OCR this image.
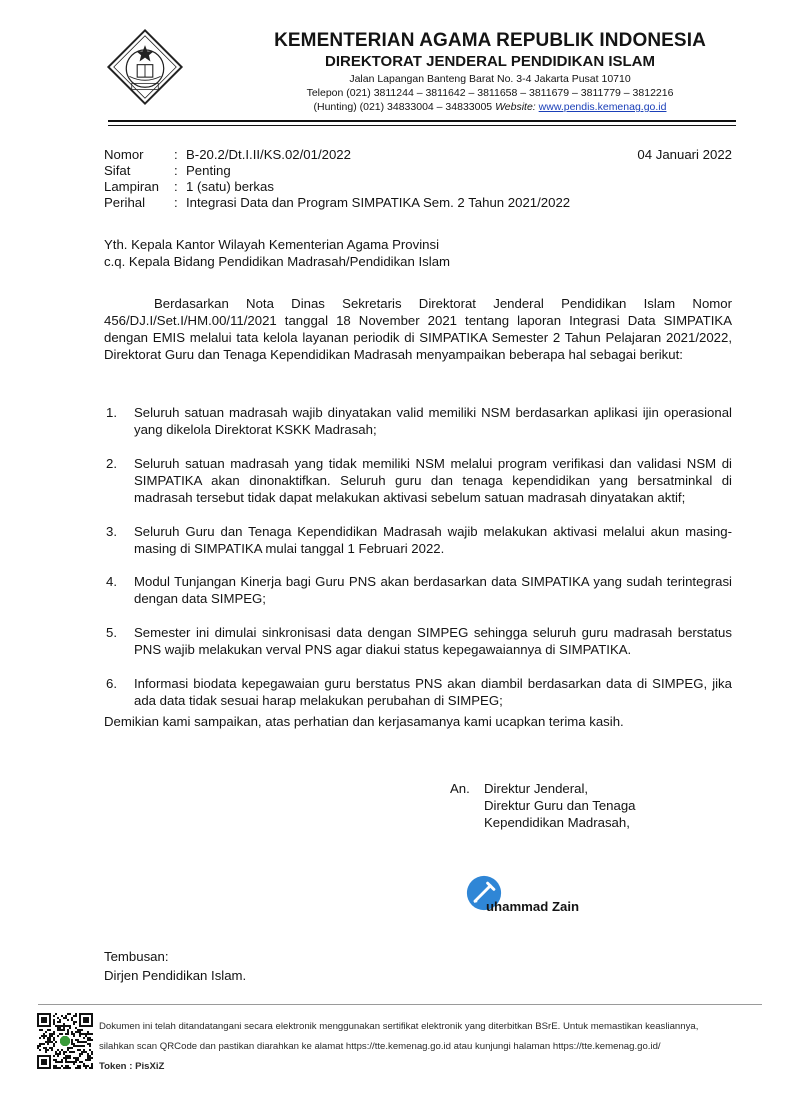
KEMENTERIAN AGAMA REPUBLIK INDONESIA
DIREKTORAT JENDERAL PENDIDIKAN ISLAM
Jalan Lapangan Banteng Barat No. 3-4 Jakarta Pusat 10710
Telepon (021) 3811244 – 3811642 – 3811658 – 3811679 – 3811779 – 3812216
(Hunting) (021) 34833004 – 34833005 Website: www.pendis.kemenag.go.id
Nomor : B-20.2/Dt.I.II/KS.02/01/2022
Sifat	: Penting
Lampiran : 1 (satu) berkas
Perihal : Integrasi Data dan Program SIMPATIKA Sem. 2 Tahun 2021/2022
04 Januari 2022
Yth. Kepala Kantor Wilayah Kementerian Agama Provinsi
c.q. Kepala Bidang Pendidikan Madrasah/Pendidikan Islam
Berdasarkan Nota Dinas Sekretaris Direktorat Jenderal Pendidikan Islam Nomor 456/DJ.I/Set.I/HM.00/11/2021 tanggal 18 November 2021 tentang laporan Integrasi Data SIMPATIKA dengan EMIS melalui tata kelola layanan periodik di SIMPATIKA Semester 2 Tahun Pelajaran 2021/2022, Direktorat Guru dan Tenaga Kependidikan Madrasah menyampaikan beberapa hal sebagai berikut:
1. Seluruh satuan madrasah wajib dinyatakan valid memiliki NSM berdasarkan aplikasi ijin operasional yang dikelola Direktorat KSKK Madrasah;
2. Seluruh satuan madrasah yang tidak memiliki NSM melalui program verifikasi dan validasi NSM di SIMPATIKA akan dinonaktifkan. Seluruh guru dan tenaga kependidikan yang bersatminkal di madrasah tersebut tidak dapat melakukan aktivasi sebelum satuan madrasah dinyatakan aktif;
3. Seluruh Guru dan Tenaga Kependidikan Madrasah wajib melakukan aktivasi melalui akun masing-masing di SIMPATIKA mulai tanggal 1 Februari 2022.
4. Modul Tunjangan Kinerja bagi Guru PNS akan berdasarkan data SIMPATIKA yang sudah terintegrasi dengan data SIMPEG;
5. Semester ini dimulai sinkronisasi data dengan SIMPEG sehingga seluruh guru madrasah berstatus PNS wajib melakukan verval PNS agar diakui status kepegawaiannya di SIMPATIKA.
6. Informasi biodata kepegawaian guru berstatus PNS akan diambil berdasarkan data di SIMPEG, jika ada data tidak sesuai harap melakukan perubahan di SIMPEG;
Demikian kami sampaikan, atas perhatian dan kerjasamanya kami ucapkan terima kasih.
An. Direktur Jenderal,
Direktur Guru dan Tenaga
Kependidikan Madrasah,
uhammad Zain
Tembusan:
Dirjen Pendidikan Islam.
Dokumen ini telah ditandatangani secara elektronik menggunakan sertifikat elektronik yang diterbitkan BSrE. Untuk memastikan keasliannya,
silahkan scan QRCode dan pastikan diarahkan ke alamat https://tte.kemenag.go.id atau kunjungi halaman https://tte.kemenag.go.id/
Token : PisXiZ
